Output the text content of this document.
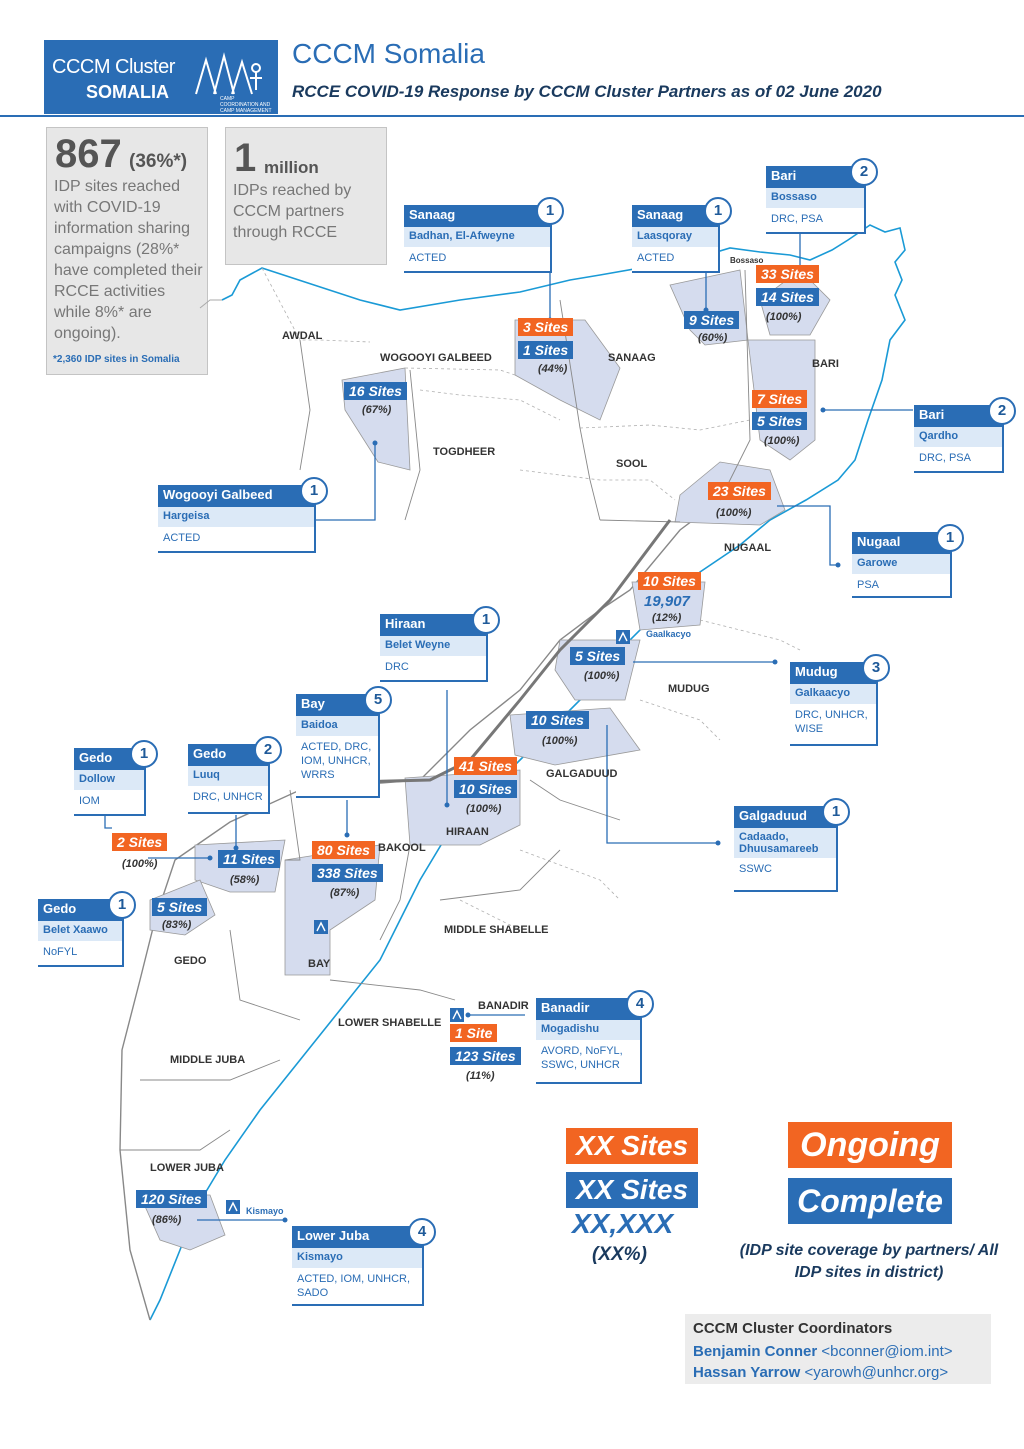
CCCM Cluster
SOMALIA	CAMP COORDINATION AND CAMP MANAGEMENT
CCCM Somalia
RCCE COVID-19 Response by CCCM Cluster Partners as of 02 June 2020
867 (36%*)
IDP sites reached with COVID-19 information sharing campaigns (28%* have completed their RCCE activities while 8%* are ongoing).
*2,360 IDP sites in Somalia
1 million
IDPs reached by CCCM partners through RCCE
AWDAL
WOGOOYI GALBEED	SANAAG	BARI
TOGDHEER
SOOL
NUGAAL
MUDUG
GALGADUUD
HIRAAN
BAKOOL
BAY
GEDO
MIDDLE SHABELLE
BANADIR
LOWER SHABELLE
MIDDLE JUBA
LOWER JUBA
Bossaso
Gaalkacyo
Kismayo
Sanaag
Badhan, El-Afweyne
ACTED
1	Sanaag
Laasqoray
ACTED
1
Bari
Bossaso
DRC, PSA
2
Bari
Qardho
DRC, PSA
2
Wogooyi Galbeed
Hargeisa
ACTED
1
Nugaal
Garowe
PSA
1
Hiraan
Belet Weyne
DRC
1
Mudug
Galkaacyo
DRC, UNHCR, WISE
3
Bay
Baidoa
ACTED, DRC, IOM, UNHCR, WRRS
5
Gedo
Dollow
IOM
1	Gedo
Luuq
DRC, UNHCR
2
Galgaduud
Cadaado, Dhuusamareeb
SSWC
1
Gedo
Belet Xaawo
NoFYL
1
Banadir
Mogadishu
AVORD, NoFYL, SSWC, UNHCR
4
Lower Juba
Kismayo
ACTED, IOM, UNHCR, SADO
4
3 Sites
1 Sites
(44%)
9 Sites
(60%)
33 Sites
14 Sites
(100%)
16 Sites
(67%)
7 Sites
5 Sites
(100%)
23 Sites
(100%)
10 Sites
19,907
(12%)
5 Sites
(100%)
10 Sites
(100%)
41 Sites
10 Sites
(100%)
2 Sites
(100%)	11 Sites
(58%)
80 Sites
338 Sites
(87%)
5 Sites
(83%)
1 Site
123 Sites
(11%)
120 Sites
(86%)
XX Sites
XX Sites
XX,XXX
(XX%)
Ongoing
Complete
(IDP site coverage by partners/ All IDP sites in district)
CCCM Cluster Coordinators
Benjamin Conner <bconner@iom.int>
Hassan Yarrow <yarowh@unhcr.org>
